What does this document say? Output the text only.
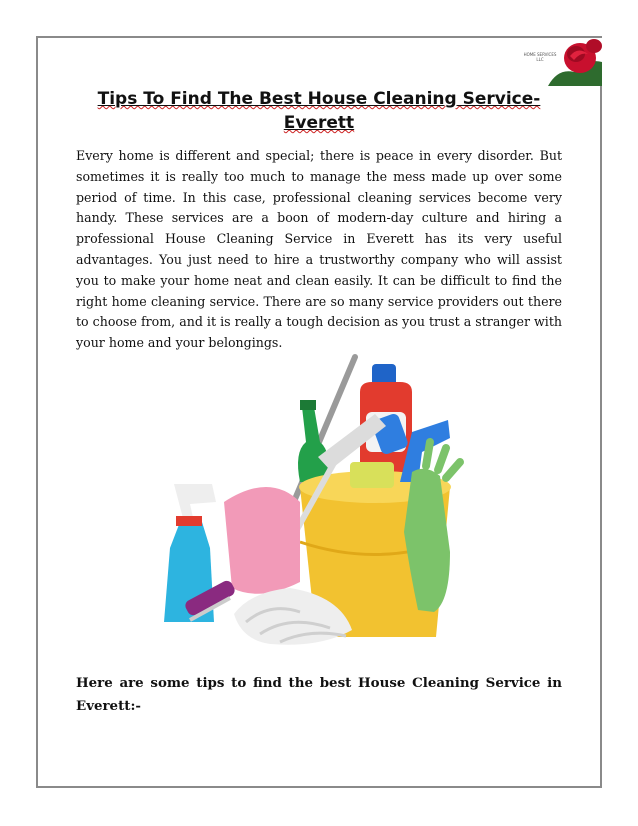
HOME SERVICES LLC
Tips To Find The Best House Cleaning Service-Everett
Every home is different and special; there is peace in every disorder. But sometimes it is really too much to manage the mess made up over some period of time. In this case, professional cleaning services become very handy. These services are a boon of modern-day culture and hiring a professional House Cleaning Service in Everett has its very useful advantages. You just need to hire a trustworthy company who will assist you to make your home neat and clean easily. It can be difficult to find the right home cleaning service. There are so many service providers out there to choose from, and it is really a tough decision as you trust a stranger with your home and your belongings.
Here are some tips to find the best House Cleaning Service in Everett:-
